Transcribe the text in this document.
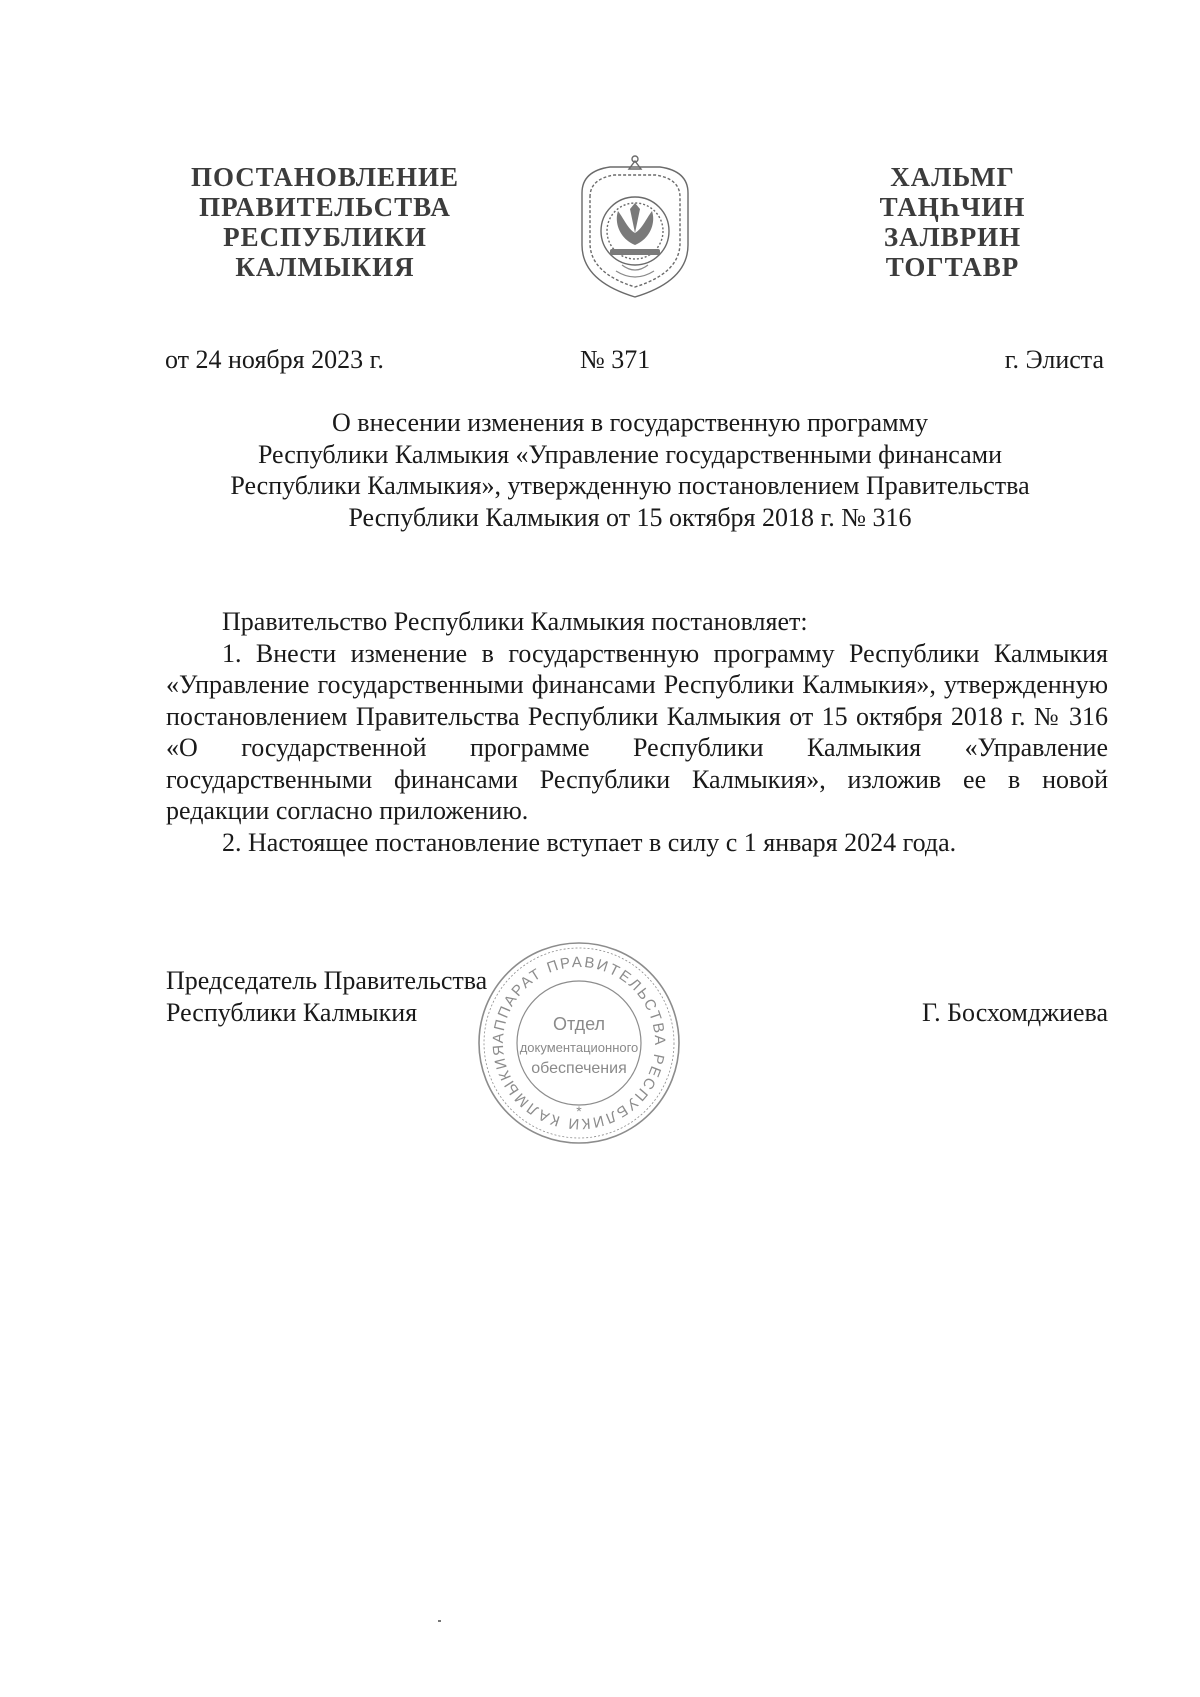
ПОСТАНОВЛЕНИЕ
ПРАВИТЕЛЬСТВА
РЕСПУБЛИКИ
КАЛМЫКИЯ
ХАЛЬМГ
ТАҢҺЧИН
ЗАЛВРИН
ТОГТАВР
от 24 ноября 2023 г.	№ 371	г. Элиста
О внесении изменения в государственную программу
Республики Калмыкия «Управление государственными финансами
Республики Калмыкия», утвержденную постановлением Правительства
Республики Калмыкия от 15 октября 2018 г. № 316

Правительство Республики Калмыкия постановляет:

1. Внести изменение в государственную программу Республики Калмыкия «Управление государственными финансами Республики Калмыкия», утвержденную постановлением Правительства Республики Калмыкия от 15 октября 2018 г. № 316 «О государственной программе Республики Калмыкия «Управление государственными финансами Республики Калмыкия», изложив ее в новой редакции согласно приложению.

2. Настоящее постановление вступает в силу с 1 января 2024 года.

Председатель Правительства
Республики Калмыкия	Г. Босхомджиева
АППАРАТ ПРАВИТЕЛЬСТВА РЕСПУБЛИКИ КАЛМЫКИЯ
Отдел
документационного
обеспечения
*
